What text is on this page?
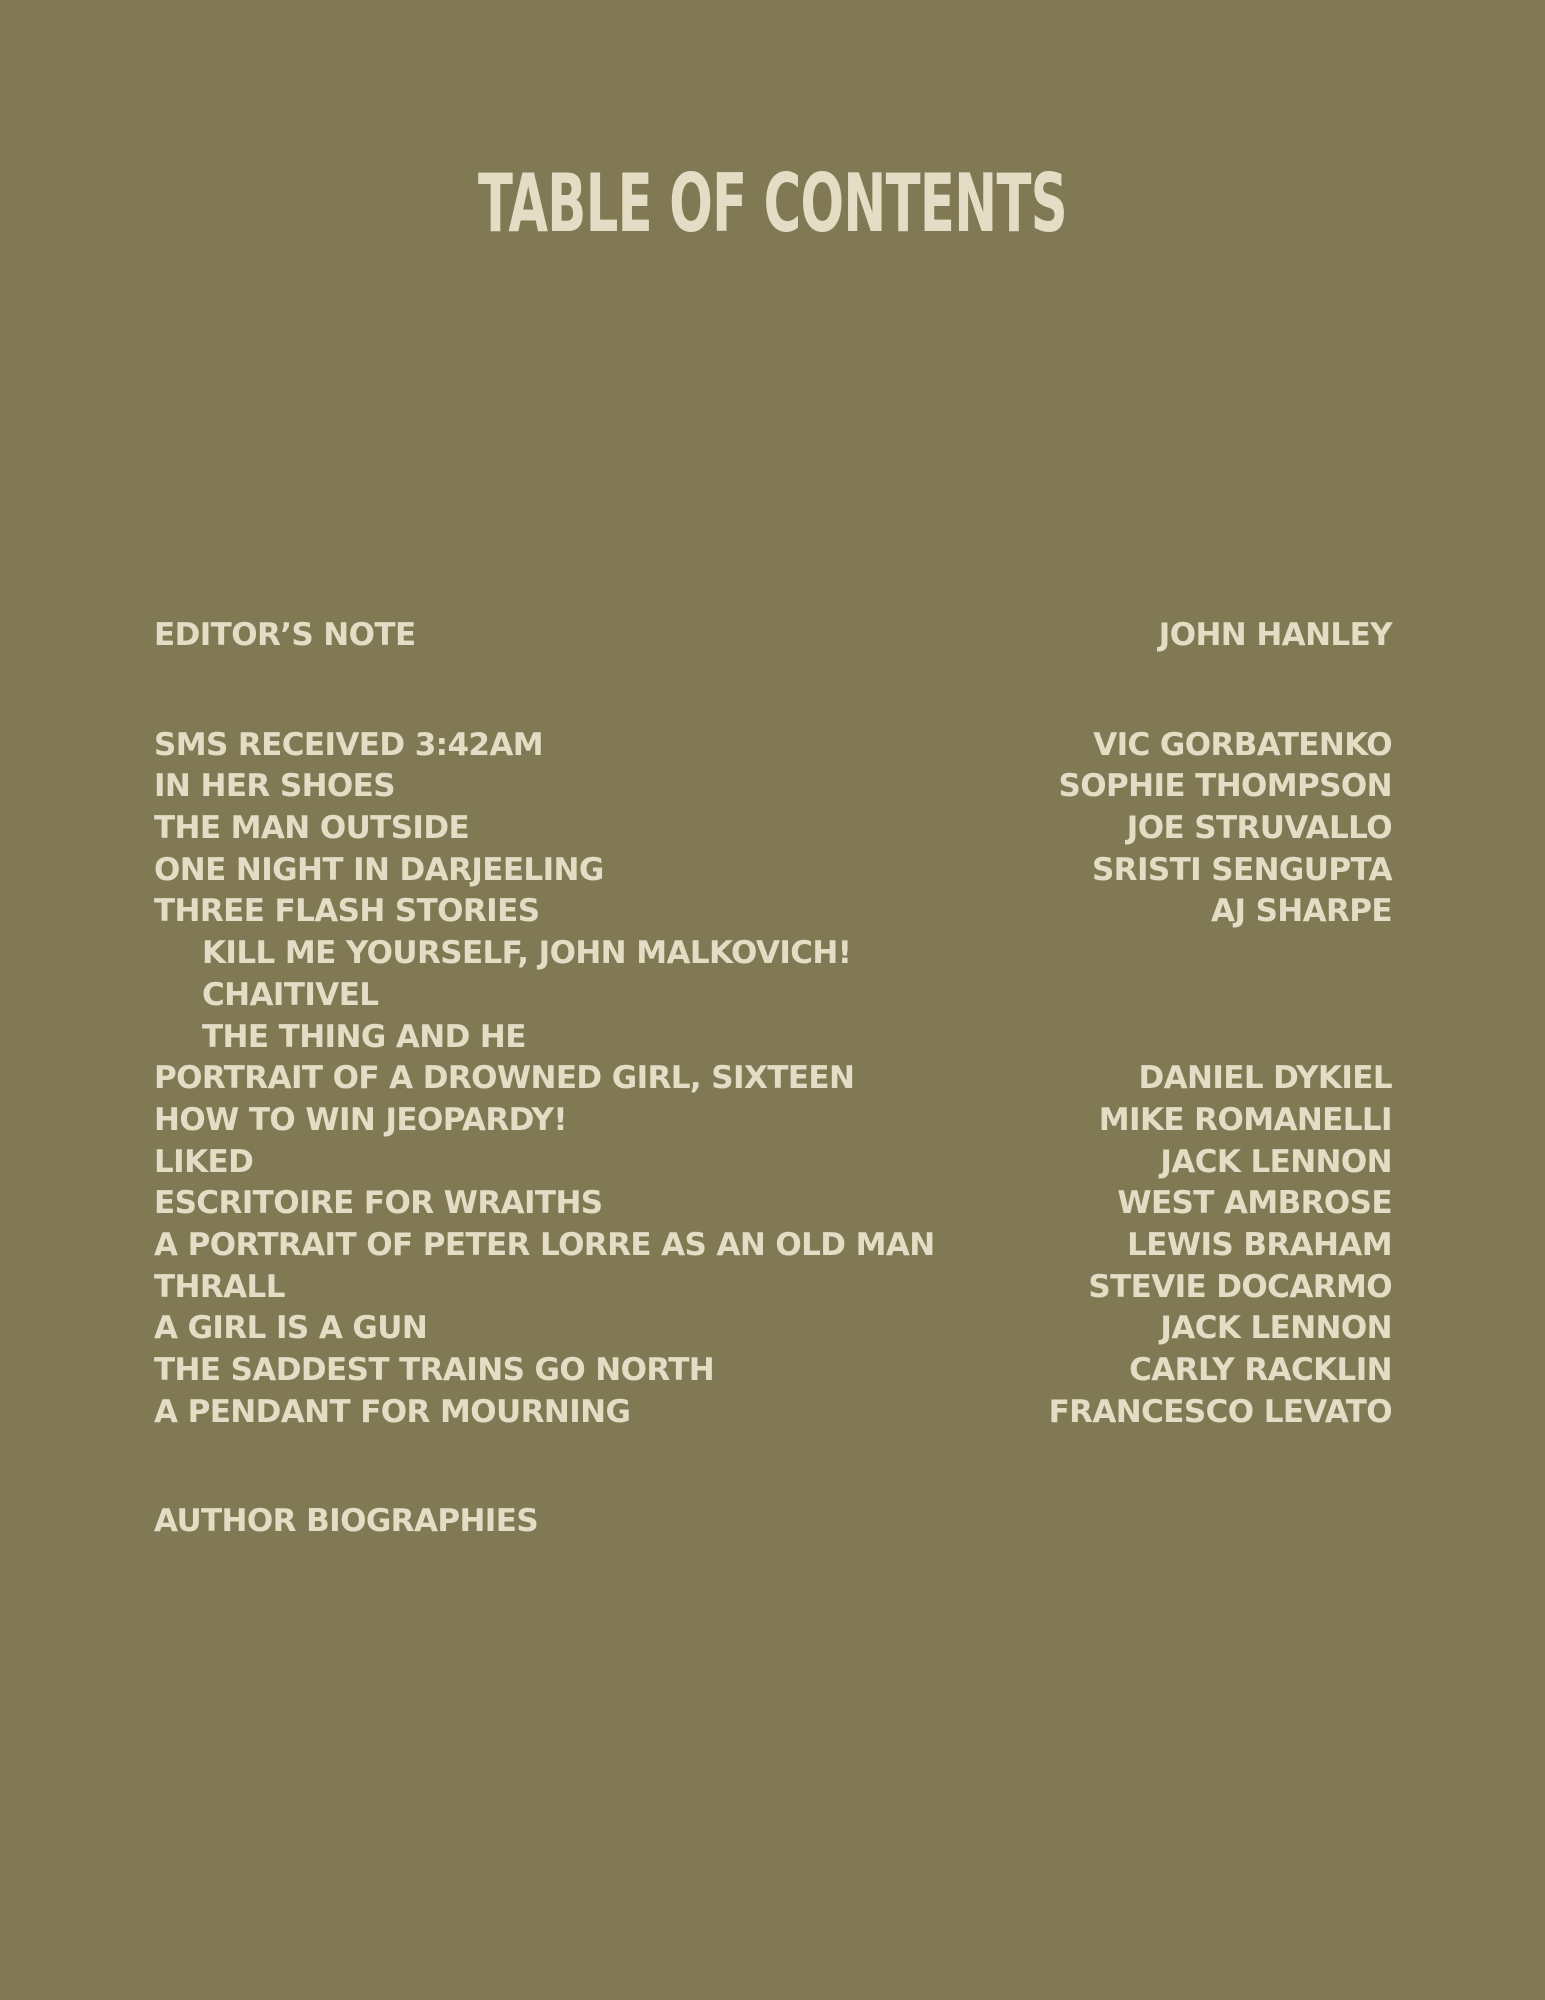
TABLE OF CONTENTS
EDITOR’S NOTE	JOHN HANLEY
SMS RECEIVED 3:42AM	VIC GORBATENKO
IN HER SHOES	SOPHIE THOMPSON
THE MAN OUTSIDE	JOE STRUVALLO
ONE NIGHT IN DARJEELING	SRISTI SENGUPTA
THREE FLASH STORIES	AJ SHARPE
KILL ME YOURSELF, JOHN MALKOVICH!
CHAITIVEL
THE THING AND HE
PORTRAIT OF A DROWNED GIRL, SIXTEEN	DANIEL DYKIEL
HOW TO WIN JEOPARDY!	MIKE ROMANELLI
LIKED	JACK LENNON
ESCRITOIRE FOR WRAITHS	WEST AMBROSE
A PORTRAIT OF PETER LORRE AS AN OLD MAN	LEWIS BRAHAM
THRALL	STEVIE DOCARMO
A GIRL IS A GUN	JACK LENNON
THE SADDEST TRAINS GO NORTH	CARLY RACKLIN
A PENDANT FOR MOURNING	FRANCESCO LEVATO
AUTHOR BIOGRAPHIES
